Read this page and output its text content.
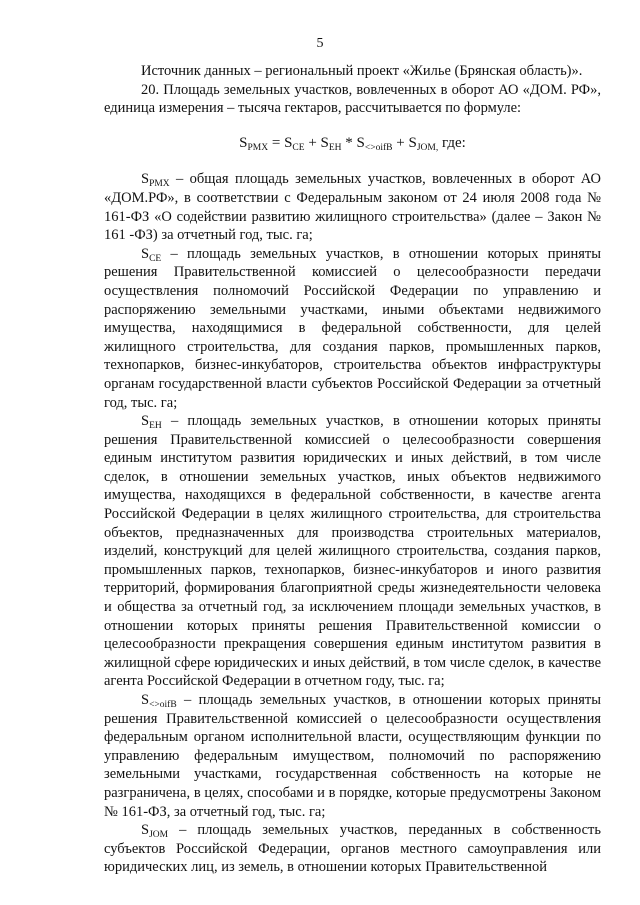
5

Источник данных – региональный проект «Жилье (Брянская область)».

20. Площадь земельных участков, вовлеченных в оборот АО «ДОМ. РФ», единица измерения – тысяча гектаров, рассчитывается по формуле:

$S_{РМХ} = S_{СЕ} + S_{ЕН} * S_{<>oifВ} + S_{JOM,}$ где:

$S_{РМХ}$ – общая площадь земельных участков, вовлеченных в оборот АО «ДОМ.РФ», в соответствии с Федеральным законом от 24 июля 2008 года № 161-ФЗ «О содействии развитию жилищного строительства» (далее – Закон № 161 -ФЗ) за отчетный год, тыс. га;

$S_{СЕ}$ – площадь земельных участков, в отношении которых приняты решения Правительственной комиссией о целесообразности передачи осуществления полномочий Российской Федерации по управлению и распоряжению земельными участками, иными объектами недвижимого имущества, находящимися в федеральной собственности, для целей жилищного строительства, для создания парков, промышленных парков, технопарков, бизнес-инкубаторов, строительства объектов инфраструктуры органам государственной власти субъектов Российской Федерации за отчетный год, тыс. га;

$S_{ЕН}$ – площадь земельных участков, в отношении которых приняты решения Правительственной комиссией о целесообразности совершения единым институтом развития юридических и иных действий, в том числе сделок, в отношении земельных участков, иных объектов недвижимого имущества, находящихся в федеральной собственности, в качестве агента Российской Федерации в целях жилищного строительства, для строительства объектов, предназначенных для производства строительных материалов, изделий, конструкций для целей жилищного строительства, создания парков, промышленных парков, технопарков, бизнес-инкубаторов и иного развития территорий, формирования благоприятной среды жизнедеятельности человека и общества за отчетный год, за исключением площади земельных участков, в отношении которых приняты решения Правительственной комиссии о целесообразности прекращения совершения единым институтом развития в жилищной сфере юридических и иных действий, в том числе сделок, в качестве агента Российской Федерации в отчетном году, тыс. га;

$S_{<>oifВ}$ – площадь земельных участков, в отношении которых приняты решения Правительственной комиссией о целесообразности осуществления федеральным органом исполнительной власти, осуществляющим функции по управлению федеральным имуществом, полномочий по распоряжению земельными участками, государственная собственность на которые не разграничена, в целях, способами и в порядке, которые предусмотрены Законом № 161-ФЗ, за отчетный год, тыс. га;

$S_{JOM}$ – площадь земельных участков, переданных в собственность субъектов Российской Федерации, органов местного самоуправления или юридических лиц, из земель, в отношении которых Правительственной
